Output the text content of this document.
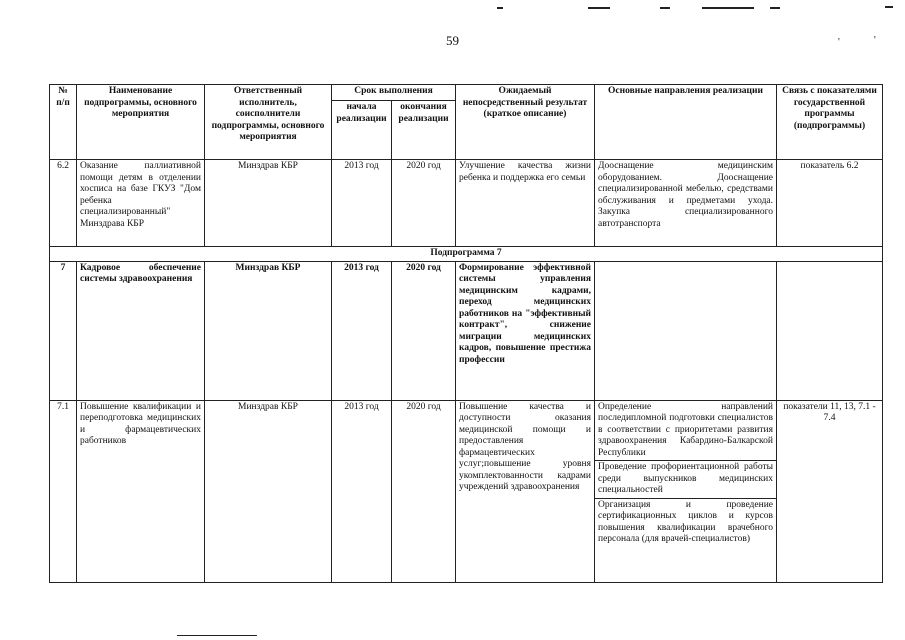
'	'
59
№ п/п	Наименование подпрограммы, основного мероприятия	Ответственный исполнитель, соисполнители подпрограммы, основного мероприятия	Срок выполнения		Ожидаемый непосредственный результат (краткое описание)	Основные направления реализации	Связь с показателями государственной программы (подпрограммы)
			начала реализации	окончания реализации			
6.2	Оказание паллиативной помощи детям в отделении хосписа на базе ГКУЗ "Дом ребенка специализированный" Минздрава КБР	Минздрав КБР	2013 год	2020 год	Улучшение качества жизни ребенка и поддержка его семьи	Дооснащение медицинским оборудованием. Дооснащение специализированной мебелью, средствами обслуживания и предметами ухода. Закупка специализированного автотранспорта	показатель 6.2
Подпрограмма 7							
7	Кадровое обеспечение системы здравоохранения	Минздрав КБР	2013 год	2020 год	Формирование эффективной системы управления медицинским кадрами, переход медицинских работников на "эффективный контракт", снижение миграции медицинских кадров, повышение престижа профессии		
7.1	Повышение квалификации и переподготовка медицинских и фармацевтических работников	Минздрав КБР	2013 год	2020 год	Повышение качества и доступности оказания медицинской помощи и предоставления фармацевтических услуг;повышение уровня укомплектованности кадрами учреждений здравоохранения	Определение направлений последипломной подготовки специалистов в соответствии с приоритетами развития здравоохранения Кабардино-Балкарской Республики
Проведение профориентационной работы среди выпускников медицинских специальностей
Организация и проведение сертификационных циклов и курсов повышения квалификации врачебного персонала (для врачей-специалистов)	показатели 11, 13, 7.1 - 7.4
